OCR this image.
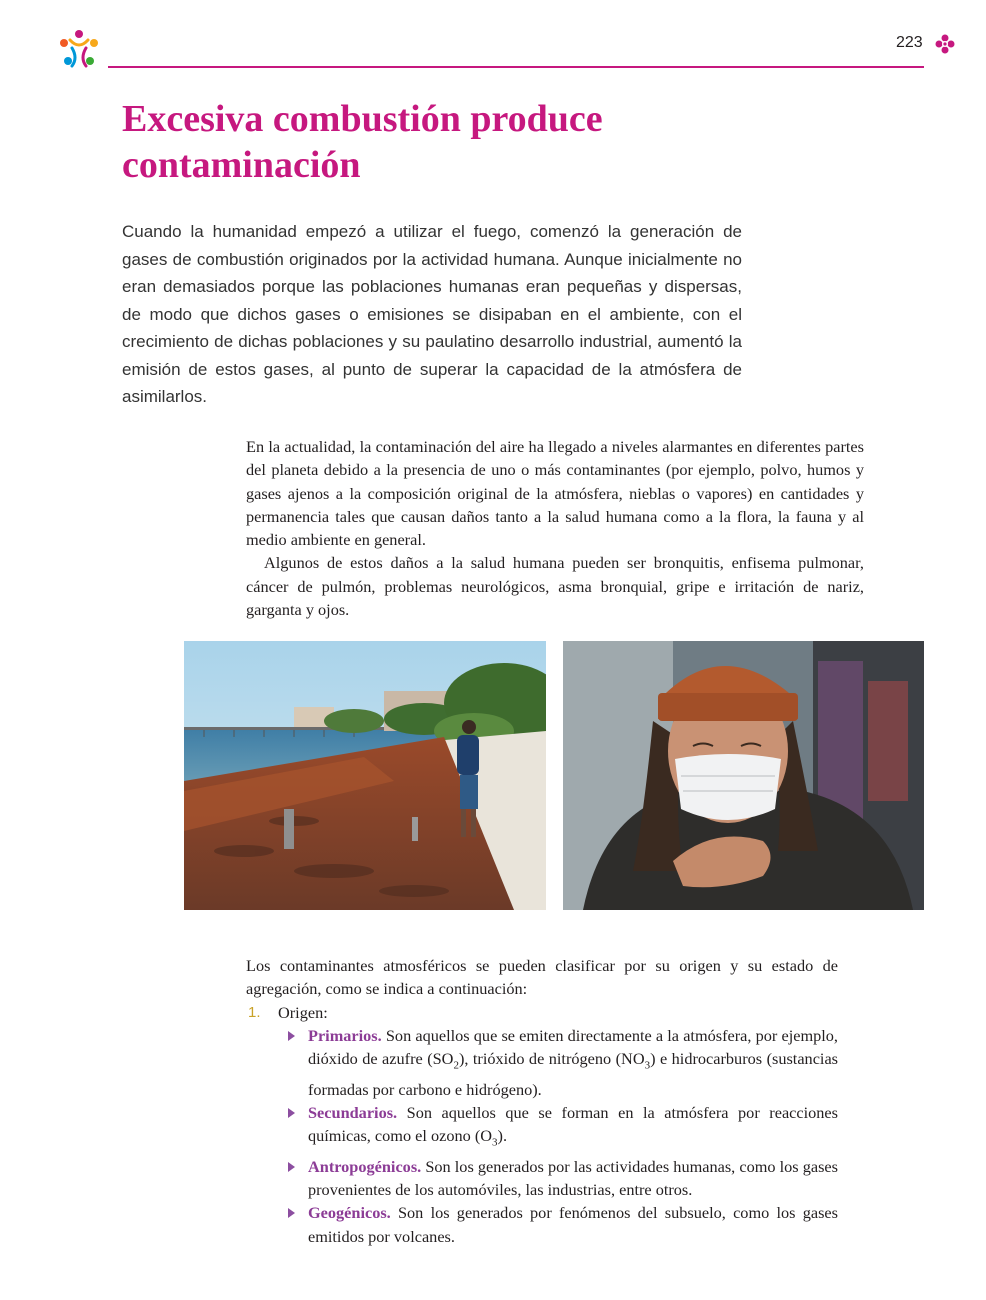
223
Excesiva combustión produce contaminación

Cuando la humanidad empezó a utilizar el fuego, comenzó la generación de gases de combustión originados por la actividad humana. Aunque inicialmente no eran demasiados porque las poblaciones humanas eran pequeñas y dispersas, de modo que dichos gases o emisiones se disipaban en el ambiente, con el crecimiento de dichas poblaciones y su paulatino desarrollo industrial, aumentó la emisión de estos gases, al punto de superar la capacidad de la atmósfera de asimilarlos.

En la actualidad, la contaminación del aire ha llegado a niveles alarmantes en diferentes partes del planeta debido a la presencia de uno o más contaminantes (por ejemplo, polvo, humos y gases ajenos a la composición original de la atmósfera, nieblas o vapores) en cantidades y permanencia tales que causan daños tanto a la salud humana como a la flora, la fauna y al medio ambiente en general.

Algunos de estos daños a la salud humana pueden ser bronquitis, enfisema pulmonar, cáncer de pulmón, problemas neurológicos, asma bronquial, gripe e irritación de nariz, garganta y ojos.

Los contaminantes atmosféricos se pueden clasificar por su origen y su estado de agregación, como se indica a continuación:

1. Origen:
Primarios. Son aquellos que se emiten directamente a la atmósfera, por ejemplo, dióxido de azufre $(SO_2)$, trióxido de nitrógeno $(NO_3)$ e hidrocarburos (sustancias formadas por carbono e hidrógeno).
Secundarios. Son aquellos que se forman en la atmósfera por reacciones químicas, como el ozono $(O_3)$.
Antropogénicos. Son los generados por las actividades humanas, como los gases provenientes de los automóviles, las industrias, entre otros.
Geogénicos. Son los generados por fenómenos del subsuelo, como los gases emitidos por volcanes.
